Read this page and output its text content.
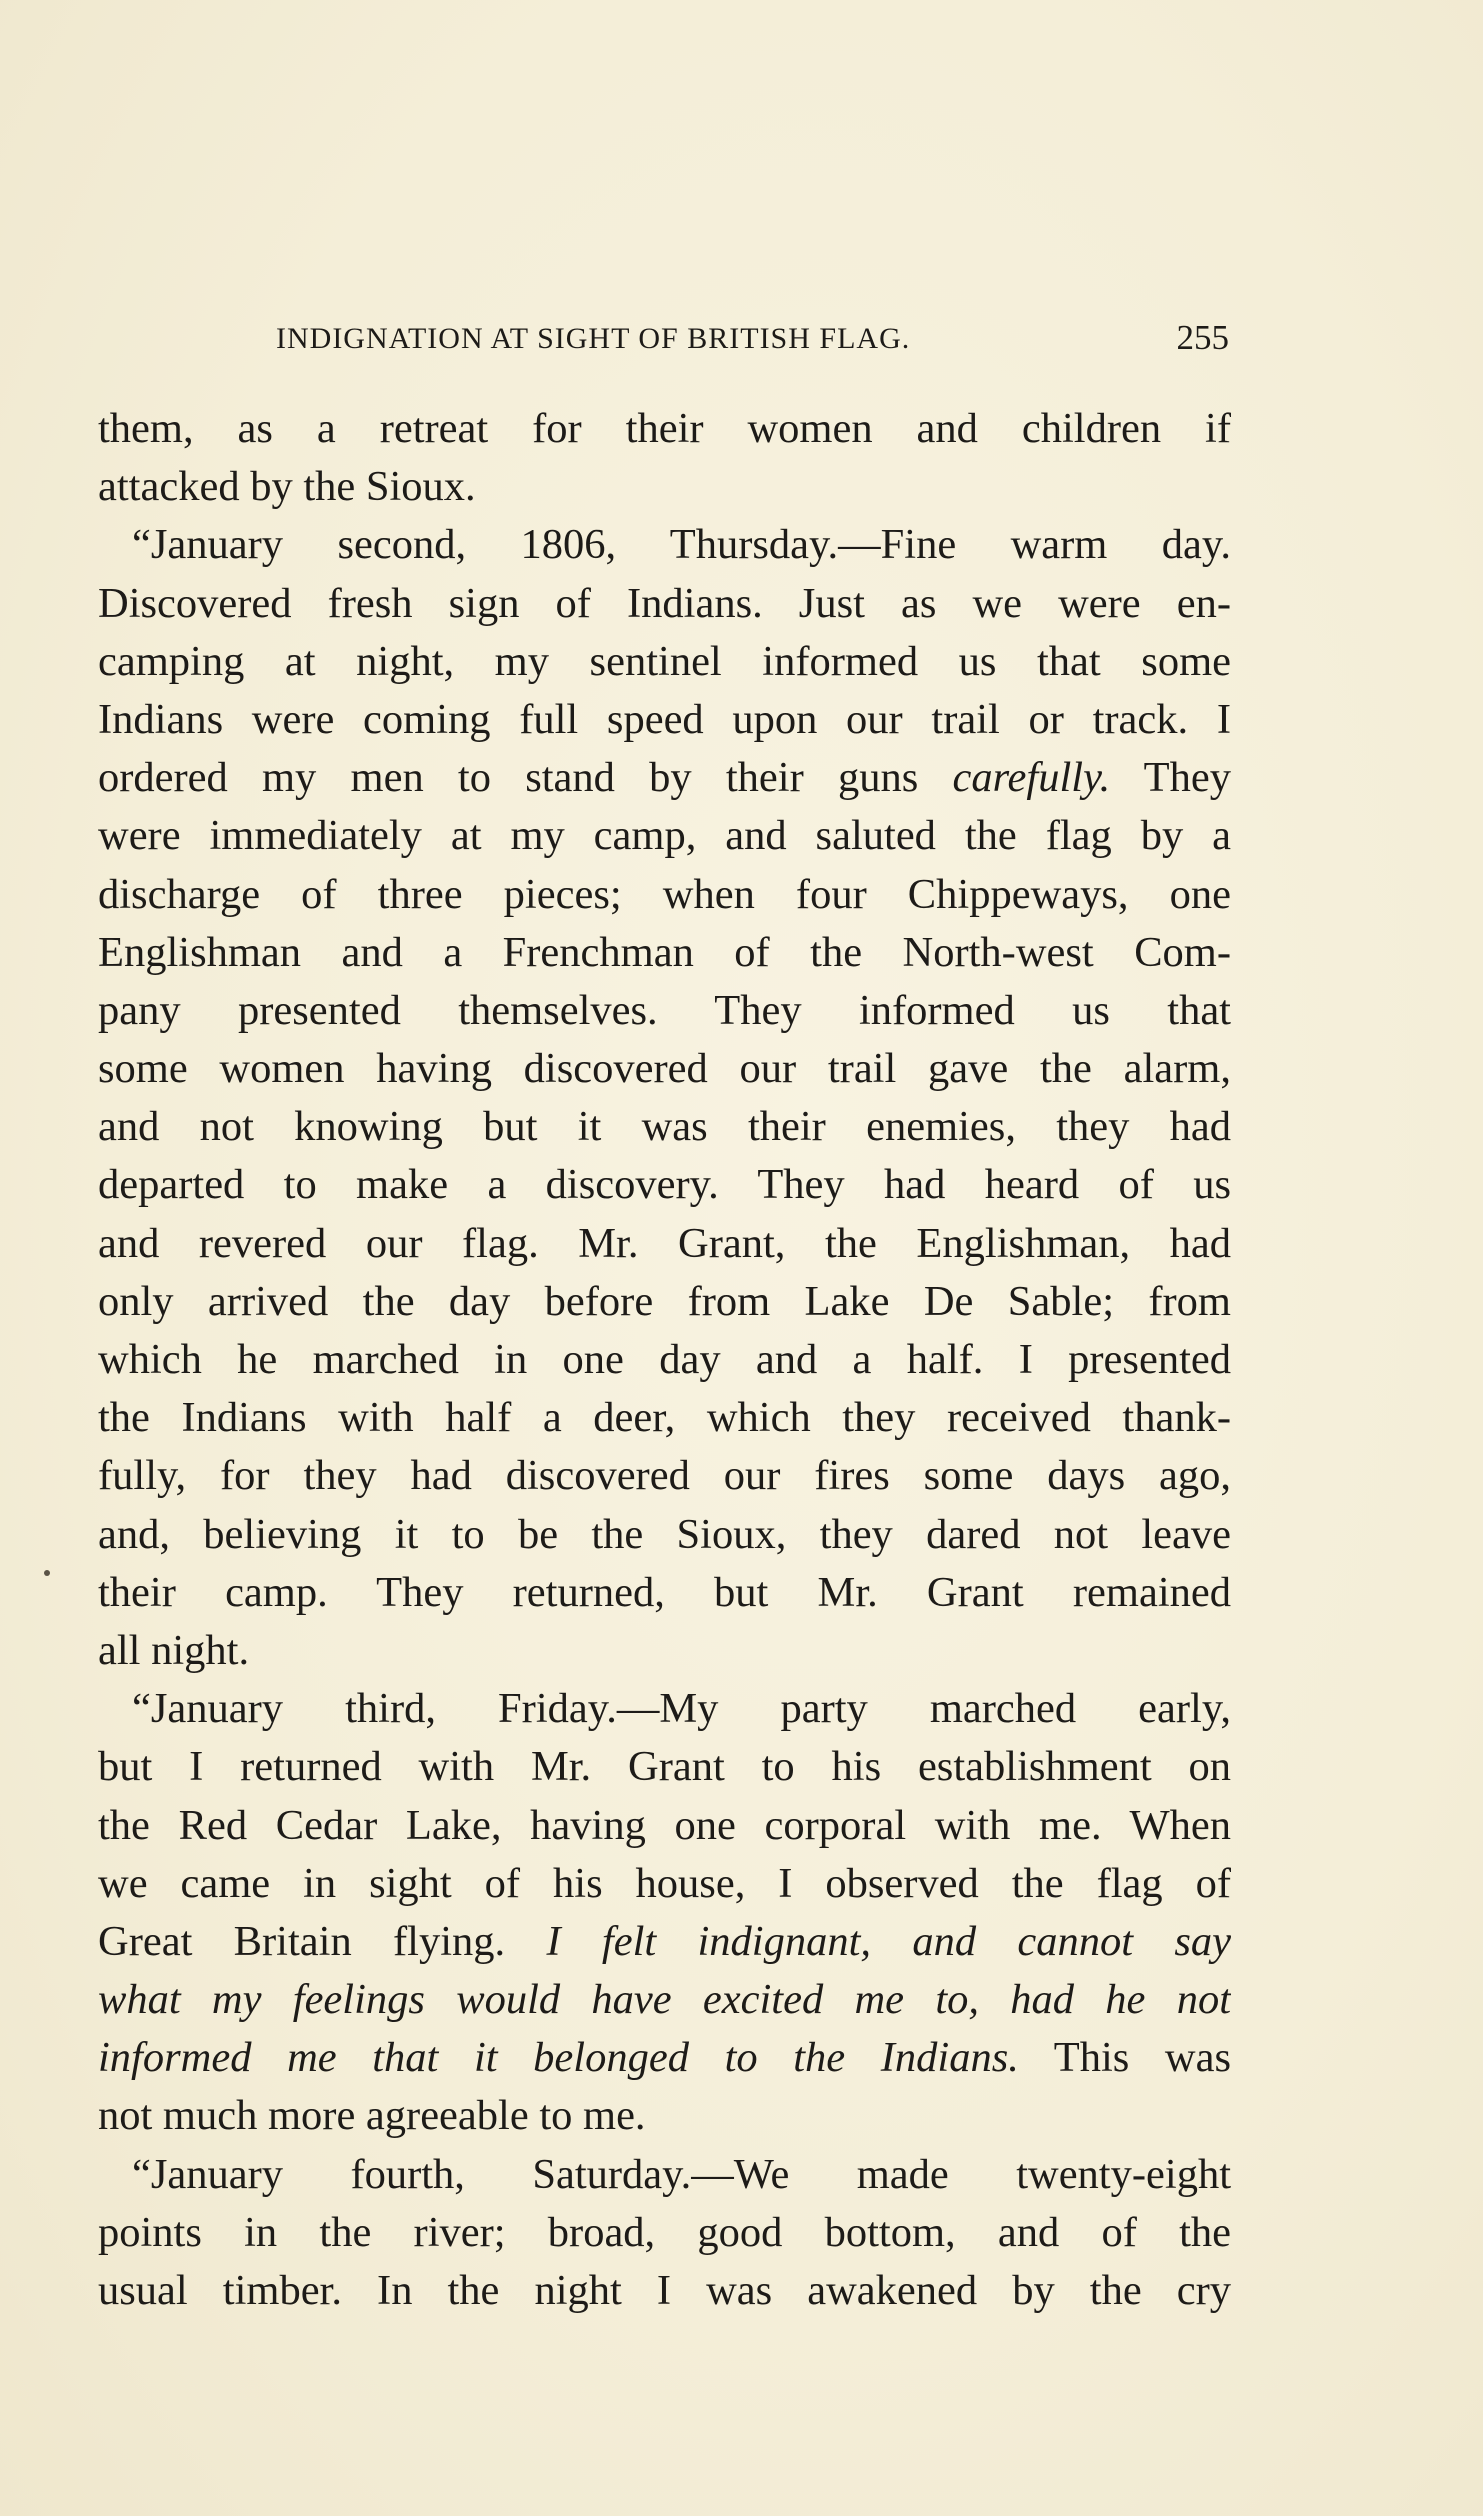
INDIGNATION AT SIGHT OF BRITISH FLAG.	255
them, as a retreat for their women and children if
attacked by the Sioux.
“January second, 1806, Thursday.—Fine warm day.
Discovered fresh sign of Indians. Just as we were en-
camping at night, my sentinel informed us that some
Indians were coming full speed upon our trail or track. I
ordered my men to stand by their guns carefully. They
were immediately at my camp, and saluted the flag by a
discharge of three pieces; when four Chippeways, one
Englishman and a Frenchman of the North-west Com-
pany presented themselves. They informed us that
some women having discovered our trail gave the alarm,
and not knowing but it was their enemies, they had
departed to make a discovery. They had heard of us
and revered our flag. Mr. Grant, the Englishman, had
only arrived the day before from Lake De Sable; from
which he marched in one day and a half. I presented
the Indians with half a deer, which they received thank-
fully, for they had discovered our fires some days ago,
and, believing it to be the Sioux, they dared not leave
their camp. They returned, but Mr. Grant remained
all night.
“January third, Friday.—My party marched early,
but I returned with Mr. Grant to his establishment on
the Red Cedar Lake, having one corporal with me. When
we came in sight of his house, I observed the flag of
Great Britain flying. I felt indignant, and cannot say
what my feelings would have excited me to, had he not
informed me that it belonged to the Indians. This was
not much more agreeable to me.
“January fourth, Saturday.—We made twenty-eight
points in the river; broad, good bottom, and of the
usual timber. In the night I was awakened by the cry
